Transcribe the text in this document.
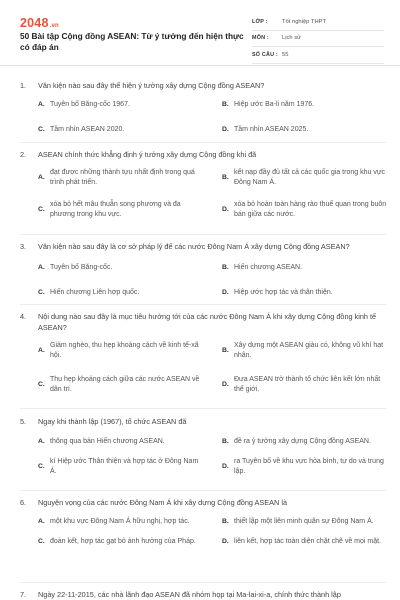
2048.vn
50 Bài tập Cộng đồng ASEAN: Từ ý tưởng đến hiện thực có đáp án
LỚP :	Tốt nghiệp THPT
MÔN :	Lịch sử
SỐ CÂU : 55
1.	Văn kiện nào sau đây thể hiện ý tưởng xây dựng Cộng đồng ASEAN?
A. Tuyên bố Băng-cốc 1967.	B. Hiệp ước Ba-li năm 1976.
C. Tầm nhìn ASEAN 2020.	D. Tầm nhìn ASEAN 2025.
2.	ASEAN chính thức khẳng định ý tưởng xây dựng Cộng đồng khi đã
A.
đạt được những thành tựu nhất định trong quá trình phát triển.
B.
kết nạp đầy đủ tất cả các quốc gia trong khu vực Đông Nam Á.
C.
xóa bỏ hết mâu thuẫn song phương và đa phương trong khu vực.
D.
xóa bỏ hoàn toàn hàng rào thuế quan trong buôn bán giữa các nước.
3.	Văn kiện nào sau đây là cơ sở pháp lý để các nước Đông Nam Á xây dựng Cộng đồng ASEAN?
A. Tuyên bố Băng-cốc.	B. Hiến chương ASEAN.
C. Hiến chương Liên hợp quốc.	D. Hiệp ước hợp tác và thân thiện.
4.	Nội dung nào sau đây là mục tiêu hướng tới của các nước Đông Nam Á khi xây dựng Cộng đồng kinh tế ASEAN?
A.
Giảm nghèo, thu hẹp khoảng cách về kinh tế-xã hội.
B.
Xây dựng một ASEAN giàu có, không vũ khí hạt nhân.
C.
Thu hẹp khoảng cách giữa các nước ASEAN về dân trí.
D.
Đưa ASEAN trở thành tổ chức liên kết lớn nhất thế giới.
5.	Ngay khi thành lập (1967), tổ chức ASEAN đã
A. thông qua bản Hiến chương ASEAN.	B. đề ra ý tưởng xây dựng Cộng đồng ASEAN.
C.
kí Hiệp ước Thân thiện và hợp tác ở Đông Nam Á.
D.
ra Tuyên bố về khu vực hòa bình, tự do và trung lập.
6.	Nguyện vọng của các nước Đông Nam Á khi xây dựng Cộng đồng ASEAN là
A. một khu vực Đông Nam Á hữu nghị, hợp tác.	B. thiết lập một liên minh quân sự Đông Nam Á.
C. đoàn kết, hợp tác gạt bỏ ảnh hưởng của Pháp.	D. liên kết, hợp tác toàn diện chặt chẽ về mọi mặt.
7.	Ngày 22-11-2015, các nhà lãnh đạo ASEAN đã nhóm họp tại Ma-lai-xi-a, chính thức thành lập
